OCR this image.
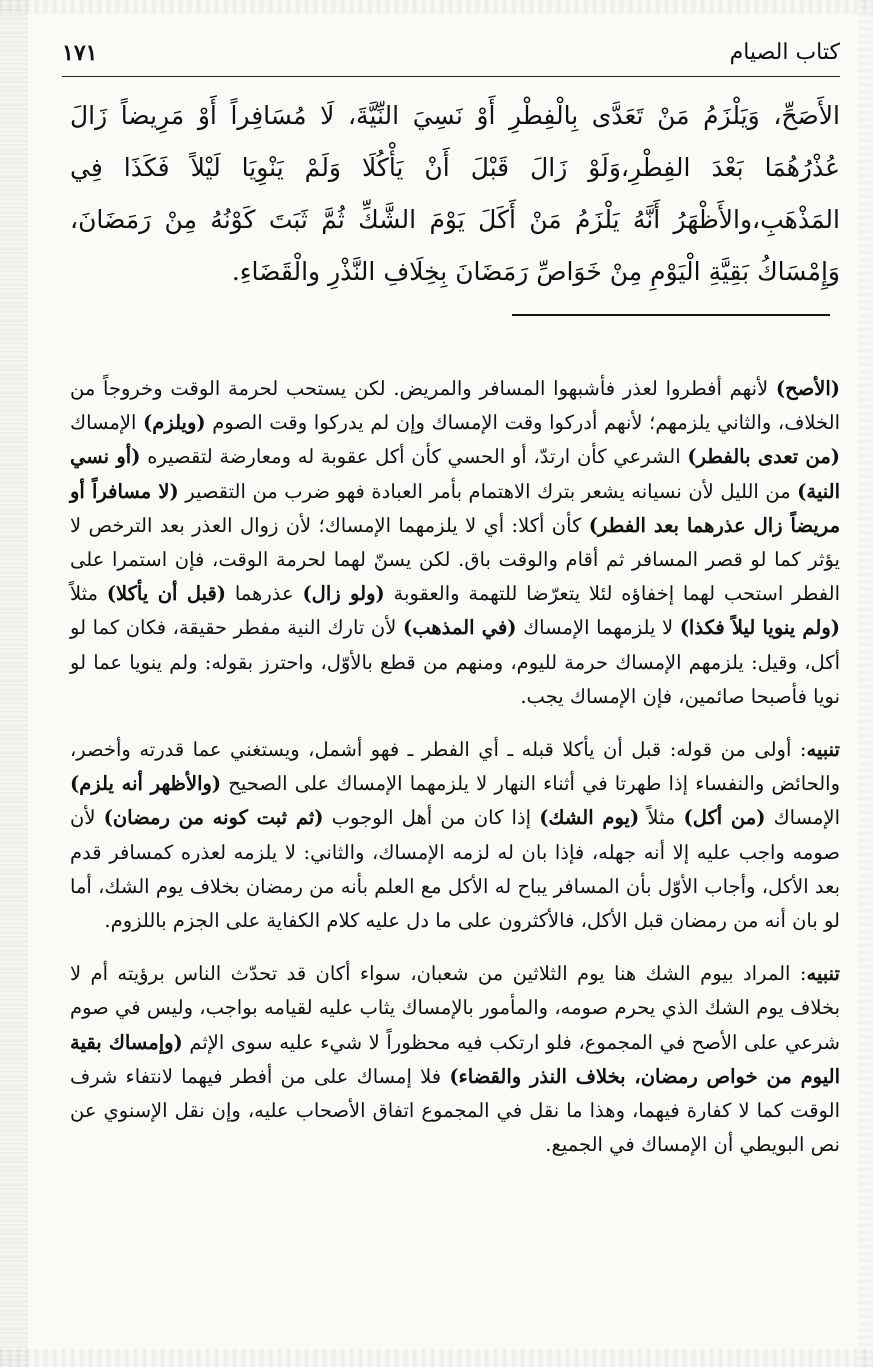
كتاب الصيام
١٧١

الأَصَحِّ، وَيَلْزَمُ مَنْ تَعَدَّى بِالْفِطْرِ أَوْ نَسِيَ النِّيَّةَ، لَا مُسَافِراً أَوْ مَرِيضاً زَالَ عُذْرُهُمَا بَعْدَ الفِطْرِ،وَلَوْ زَالَ قَبْلَ أَنْ يَأْكُلَا وَلَمْ يَنْوِيَا لَيْلاً فَكَذَا فِي المَذْهَبِ،والأَظْهَرُ أَنَّهُ يَلْزَمُ مَنْ أَكَلَ يَوْمَ الشَّكِّ ثُمَّ ثَبَتَ كَوْنُهُ مِنْ رَمَضَانَ، وَإِمْسَاكُ بَقِيَّةِ الْيَوْمِ مِنْ خَوَاصِّ رَمَضَانَ بِخِلَافِ النَّذْرِ والْقَضَاءِ.

(الأصح) لأنهم أفطروا لعذر فأشبهوا المسافر والمريض. لكن يستحب لحرمة الوقت وخروجاً من الخلاف، والثاني يلزمهم؛ لأنهم أدركوا وقت الإمساك وإن لم يدركوا وقت الصوم (ويلزم) الإمساك (من تعدى بالفطر) الشرعي كأن ارتدّ، أو الحسي كأن أكل عقوبة له ومعارضة لتقصيره (أو نسي النية) من الليل لأن نسيانه يشعر بترك الاهتمام بأمر العبادة فهو ضرب من التقصير (لا مسافراً أو مريضاً زال عذرهما بعد الفطر) كأن أكلا: أي لا يلزمهما الإمساك؛ لأن زوال العذر بعد الترخص لا يؤثر كما لو قصر المسافر ثم أقام والوقت باق. لكن يسنّ لهما لحرمة الوقت، فإن استمرا على الفطر استحب لهما إخفاؤه لئلا يتعرّضا للتهمة والعقوبة (ولو زال) عذرهما (قبل أن يأكلا) مثلاً (ولم ينويا ليلاً فكذا) لا يلزمهما الإمساك (في المذهب) لأن تارك النية مفطر حقيقة، فكان كما لو أكل، وقيل: يلزمهم الإمساك حرمة لليوم، ومنهم من قطع بالأوّل، واحترز بقوله: ولم ينويا عما لو نويا فأصبحا صائمين، فإن الإمساك يجب.

تنبيه: أولى من قوله: قبل أن يأكلا قبله ـ أي الفطر ـ فهو أشمل، ويستغني عما قدرته وأخصر، والحائض والنفساء إذا طهرتا في أثناء النهار لا يلزمهما الإمساك على الصحيح (والأظهر أنه يلزم) الإمساك (من أكل) مثلاً (يوم الشك) إذا كان من أهل الوجوب (ثم ثبت كونه من رمضان) لأن صومه واجب عليه إلا أنه جهله، فإذا بان له لزمه الإمساك، والثاني: لا يلزمه لعذره كمسافر قدم بعد الأكل، وأجاب الأوّل بأن المسافر يباح له الأكل مع العلم بأنه من رمضان بخلاف يوم الشك، أما لو بان أنه من رمضان قبل الأكل، فالأكثرون على ما دل عليه كلام الكفاية على الجزم باللزوم.

تنبيه: المراد بيوم الشك هنا يوم الثلاثين من شعبان، سواء أكان قد تحدّث الناس برؤيته أم لا بخلاف يوم الشك الذي يحرم صومه، والمأمور بالإمساك يثاب عليه لقيامه بواجب، وليس في صوم شرعي على الأصح في المجموع، فلو ارتكب فيه محظوراً لا شيء عليه سوى الإثم (وإمساك بقية اليوم من خواص رمضان، بخلاف النذر والقضاء) فلا إمساك على من أفطر فيهما لانتفاء شرف الوقت كما لا كفارة فيهما، وهذا ما نقل في المجموع اتفاق الأصحاب عليه، وإن نقل الإسنوي عن نص البويطي أن الإمساك في الجميع.
